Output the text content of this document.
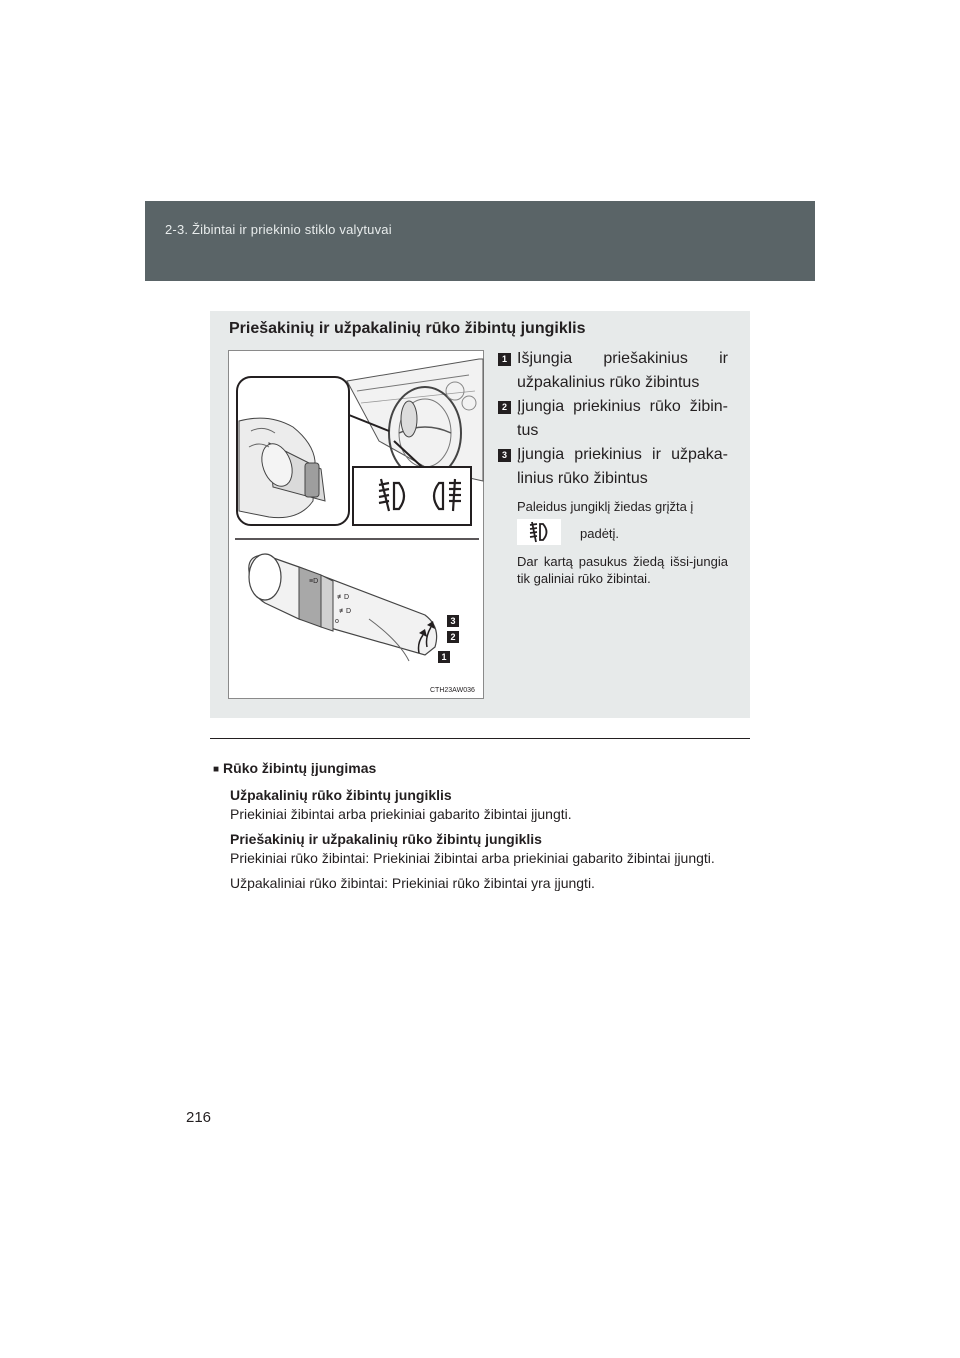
2-3. Žibintai ir priekinio stiklo valytuvai
Priešakinių ir užpakalinių rūko žibintų jungiklis
≡D
≢D
≢D
o	3
2
1
CTH23AW036
1 Išjungia priešakinius ir užpakalinius rūko žibintus
2 Įjungia priekinius rūko žibin-tus
3 Įjungia priekinius ir užpaka-linius rūko žibintus
Paleidus jungiklį žiedas grįžta į
padėtį.
Dar kartą pasukus žiedą išsi-jungia tik galiniai rūko žibintai.

■ Rūko žibintų įjungimas

Užpakalinių rūko žibintų jungiklis
Priekiniai žibintai arba priekiniai gabarito žibintai įjungti.

Priešakinių ir užpakalinių rūko žibintų jungiklis
Priekiniai rūko žibintai: Priekiniai žibintai arba priekiniai gabarito žibintai įjungti.

Užpakaliniai rūko žibintai: Priekiniai rūko žibintai yra įjungti.

216
